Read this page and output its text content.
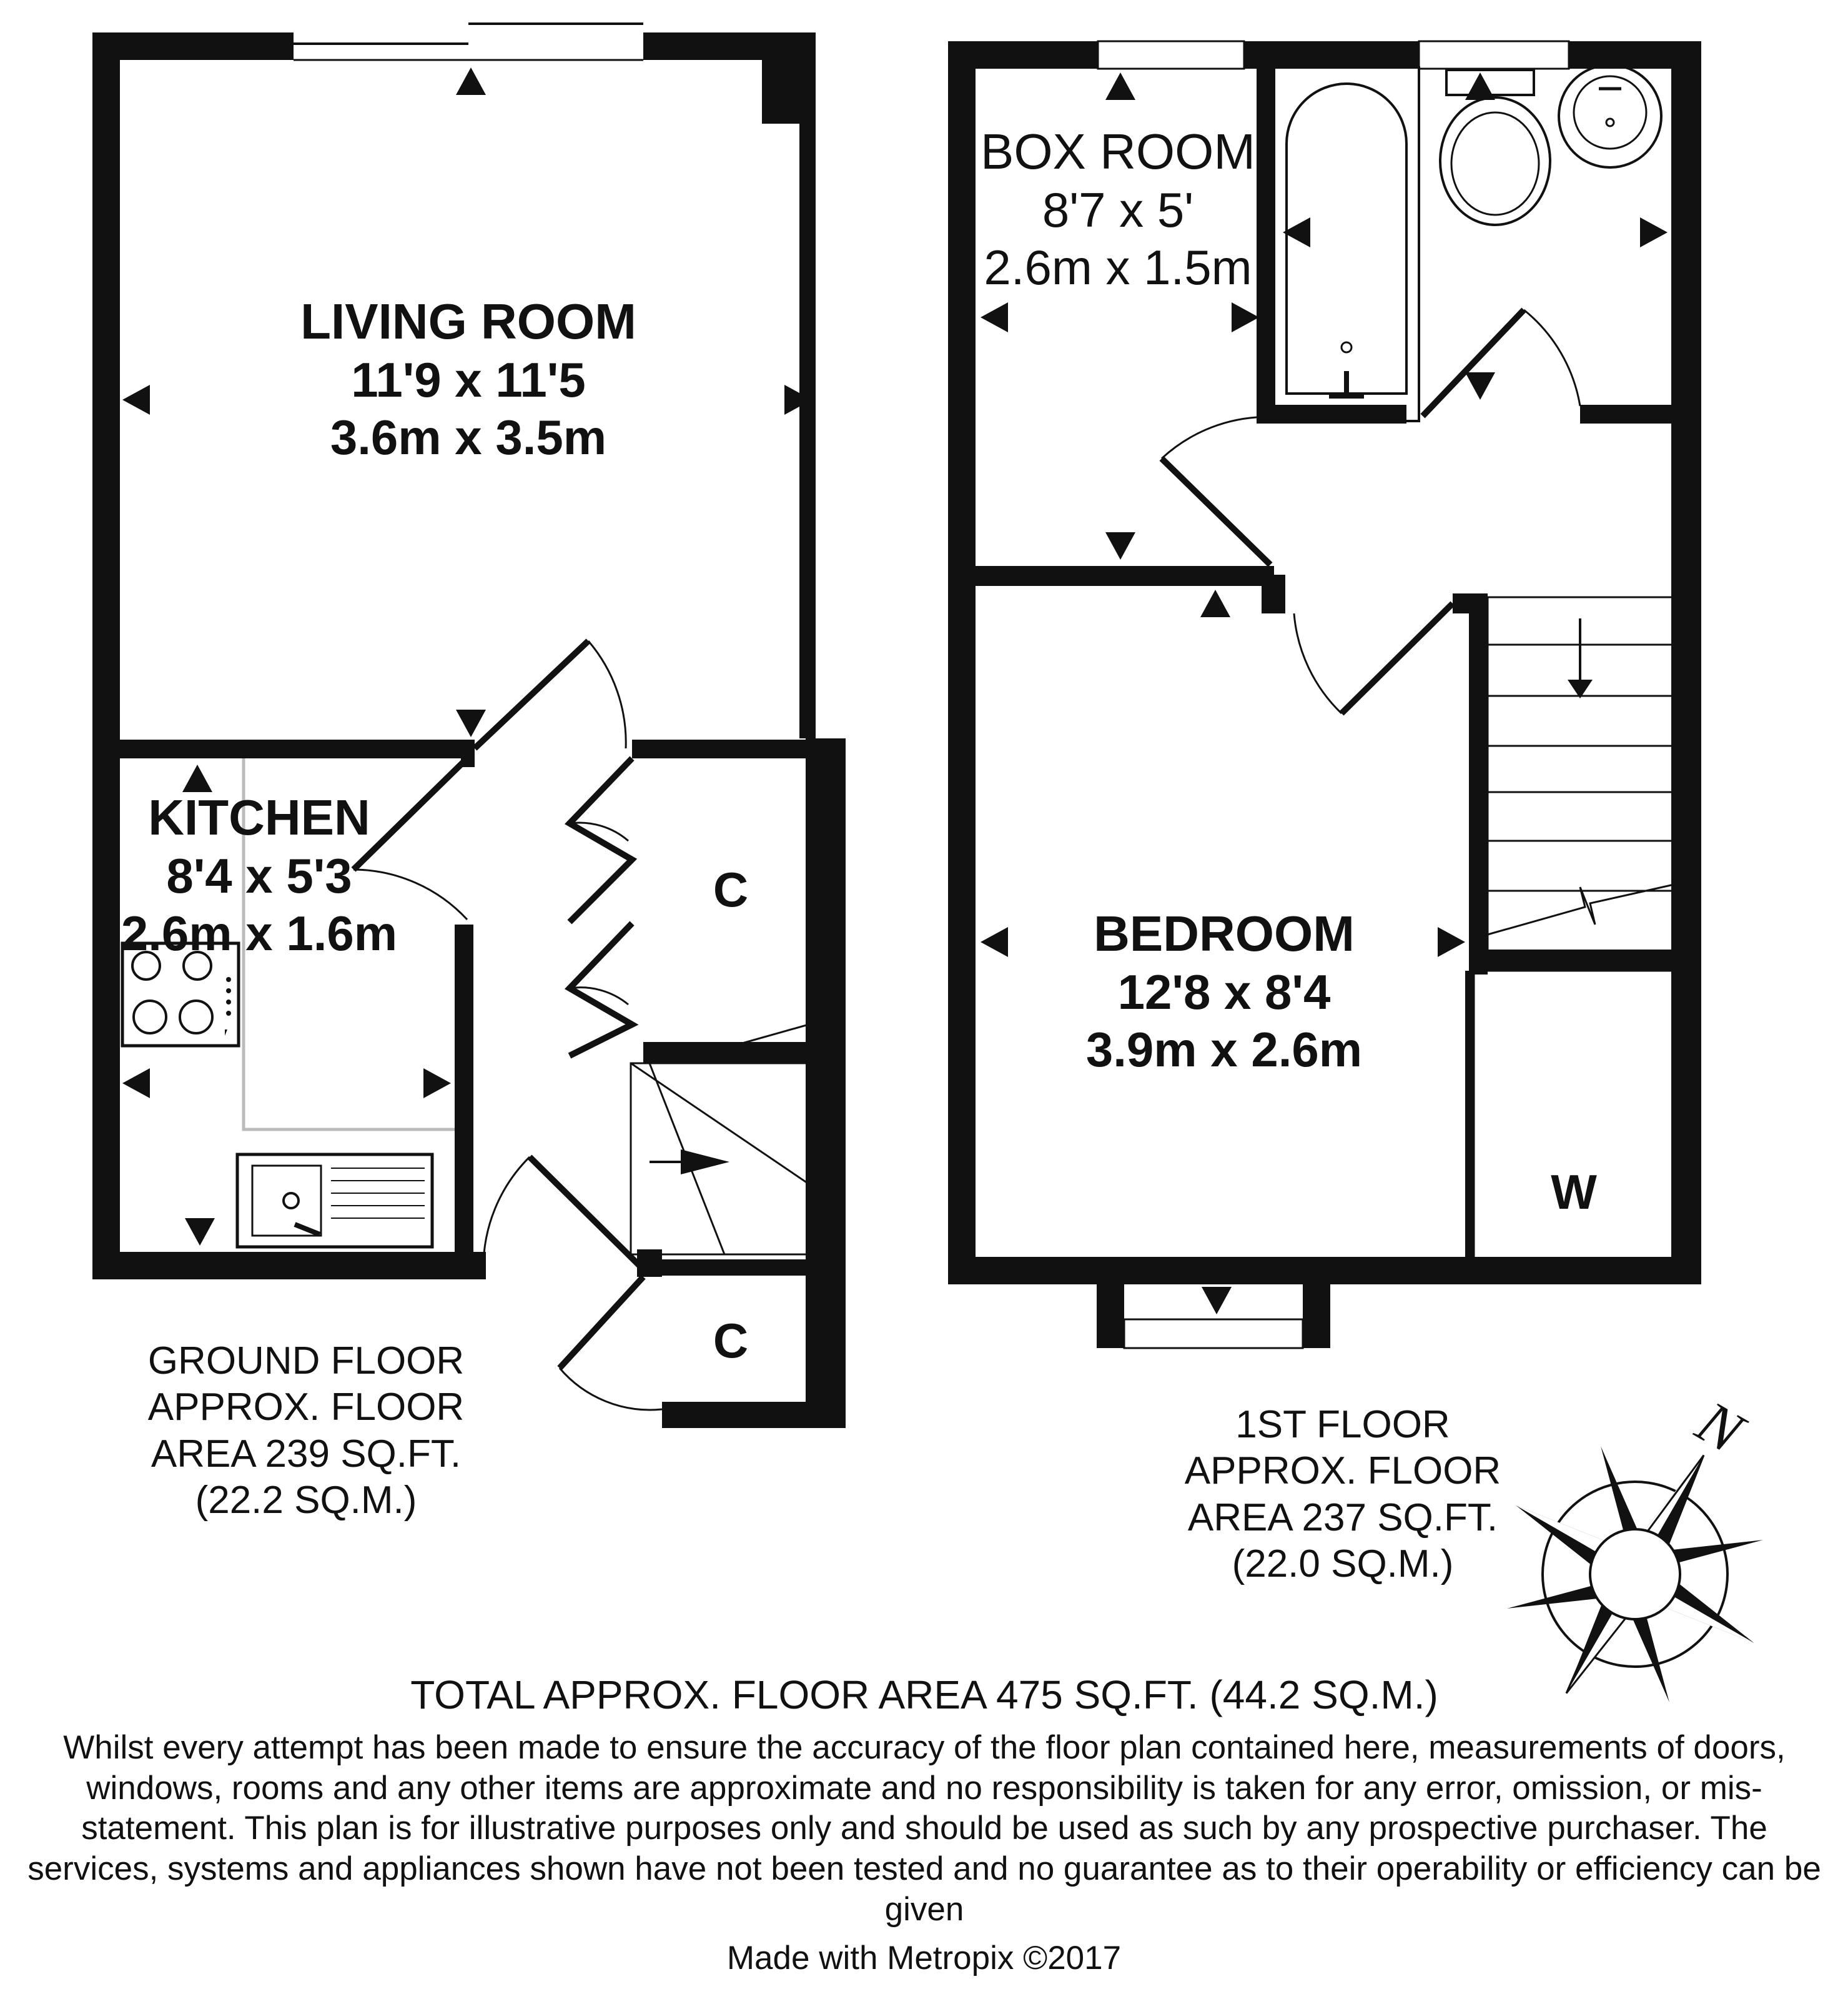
N
LIVING ROOM
11'9 x 11'5
3.6m x 3.5m
KITCHEN
8'4 x 5'3
2.6m x 1.6m
BOX ROOM
8'7 x 5'
2.6m x 1.5m
BEDROOM
12'8 x 8'4
3.9m x 2.6m
C
C
W
GROUND FLOOR
APPROX. FLOOR
AREA 239 SQ.FT.
(22.2 SQ.M.)
1ST FLOOR
APPROX. FLOOR
AREA 237 SQ.FT.
(22.0 SQ.M.)
TOTAL APPROX. FLOOR AREA 475 SQ.FT. (44.2 SQ.M.)
Whilst every attempt has been made to ensure the accuracy of the floor plan contained here, measurements of doors, windows, rooms and any other items are approximate and no responsibility is taken for any error, omission, or mis-statement. This plan is for illustrative purposes only and should be used as such by any prospective purchaser. The services, systems and appliances shown have not been tested and no guarantee as to their operability or efficiency can be given
Made with Metropix ©2017
